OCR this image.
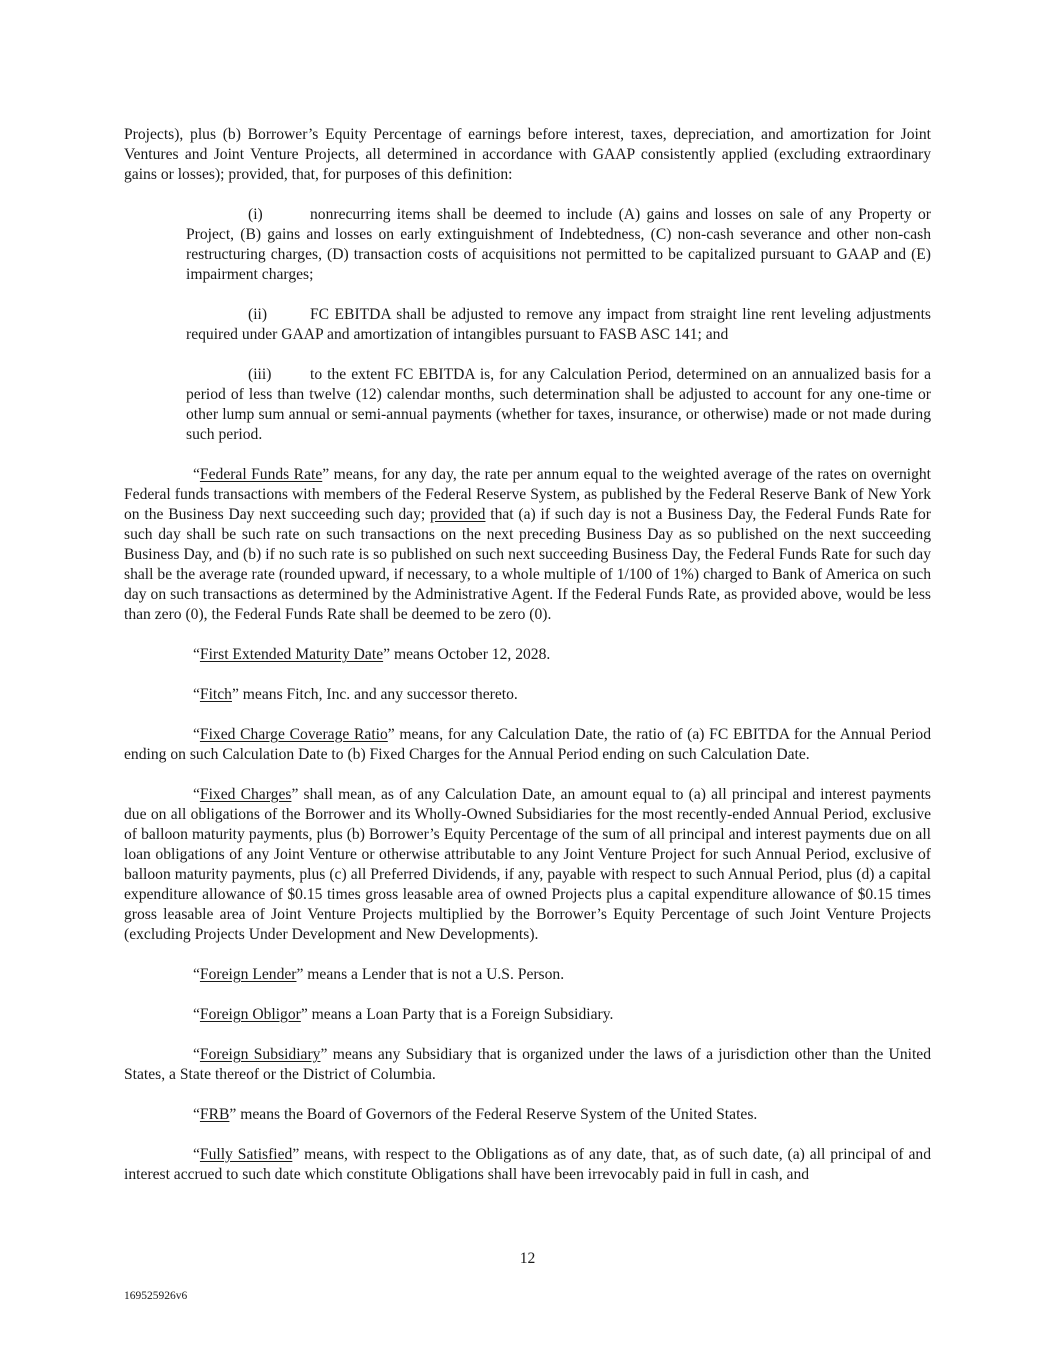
Projects), plus (b) Borrower’s Equity Percentage of earnings before interest, taxes, depreciation, and amortization for Joint Ventures and Joint Venture Projects, all determined in accordance with GAAP consistently applied (excluding extraordinary gains or losses); provided, that, for purposes of this definition:

(i)	nonrecurring items shall be deemed to include (A) gains and losses on sale of any Property or Project, (B) gains and losses on early extinguishment of Indebtedness, (C) non-cash severance and other non-cash restructuring charges, (D) transaction costs of acquisitions not permitted to be capitalized pursuant to GAAP and (E) impairment charges;

(ii)	FC EBITDA shall be adjusted to remove any impact from straight line rent leveling adjustments required under GAAP and amortization of intangibles pursuant to FASB ASC 141; and

(iii) to the extent FC EBITDA is, for any Calculation Period, determined on an annualized basis for a period of less than twelve (12) calendar months, such determination shall be adjusted to account for any one-time or other lump sum annual or semi-annual payments (whether for taxes, insurance, or otherwise) made or not made during such period.

“Federal Funds Rate” means, for any day, the rate per annum equal to the weighted average of the rates on overnight Federal funds transactions with members of the Federal Reserve System, as published by the Federal Reserve Bank of New York on the Business Day next succeeding such day; provided that (a) if such day is not a Business Day, the Federal Funds Rate for such day shall be such rate on such transactions on the next preceding Business Day as so published on the next succeeding Business Day, and (b) if no such rate is so published on such next succeeding Business Day, the Federal Funds Rate for such day shall be the average rate (rounded upward, if necessary, to a whole multiple of 1/100 of 1%) charged to Bank of America on such day on such transactions as determined by the Administrative Agent. If the Federal Funds Rate, as provided above, would be less than zero (0), the Federal Funds Rate shall be deemed to be zero (0).

“First Extended Maturity Date” means October 12, 2028.

“Fitch” means Fitch, Inc. and any successor thereto.

“Fixed Charge Coverage Ratio” means, for any Calculation Date, the ratio of (a) FC EBITDA for the Annual Period ending on such Calculation Date to (b) Fixed Charges for the Annual Period ending on such Calculation Date.

“Fixed Charges” shall mean, as of any Calculation Date, an amount equal to (a) all principal and interest payments due on all obligations of the Borrower and its Wholly-Owned Subsidiaries for the most recently-ended Annual Period, exclusive of balloon maturity payments, plus (b) Borrower’s Equity Percentage of the sum of all principal and interest payments due on all loan obligations of any Joint Venture or otherwise attributable to any Joint Venture Project for such Annual Period, exclusive of balloon maturity payments, plus (c) all Preferred Dividends, if any, payable with respect to such Annual Period, plus (d) a capital expenditure allowance of $0.15 times gross leasable area of owned Projects plus a capital expenditure allowance of $0.15 times gross leasable area of Joint Venture Projects multiplied by the Borrower’s Equity Percentage of such Joint Venture Projects (excluding Projects Under Development and New Developments).

“Foreign Lender” means a Lender that is not a U.S. Person.

“Foreign Obligor” means a Loan Party that is a Foreign Subsidiary.

“Foreign Subsidiary” means any Subsidiary that is organized under the laws of a jurisdiction other than the United States, a State thereof or the District of Columbia.

“FRB” means the Board of Governors of the Federal Reserve System of the United States.

“Fully Satisfied” means, with respect to the Obligations as of any date, that, as of such date, (a) all principal of and interest accrued to such date which constitute Obligations shall have been irrevocably paid in full in cash, and

12
169525926v6
